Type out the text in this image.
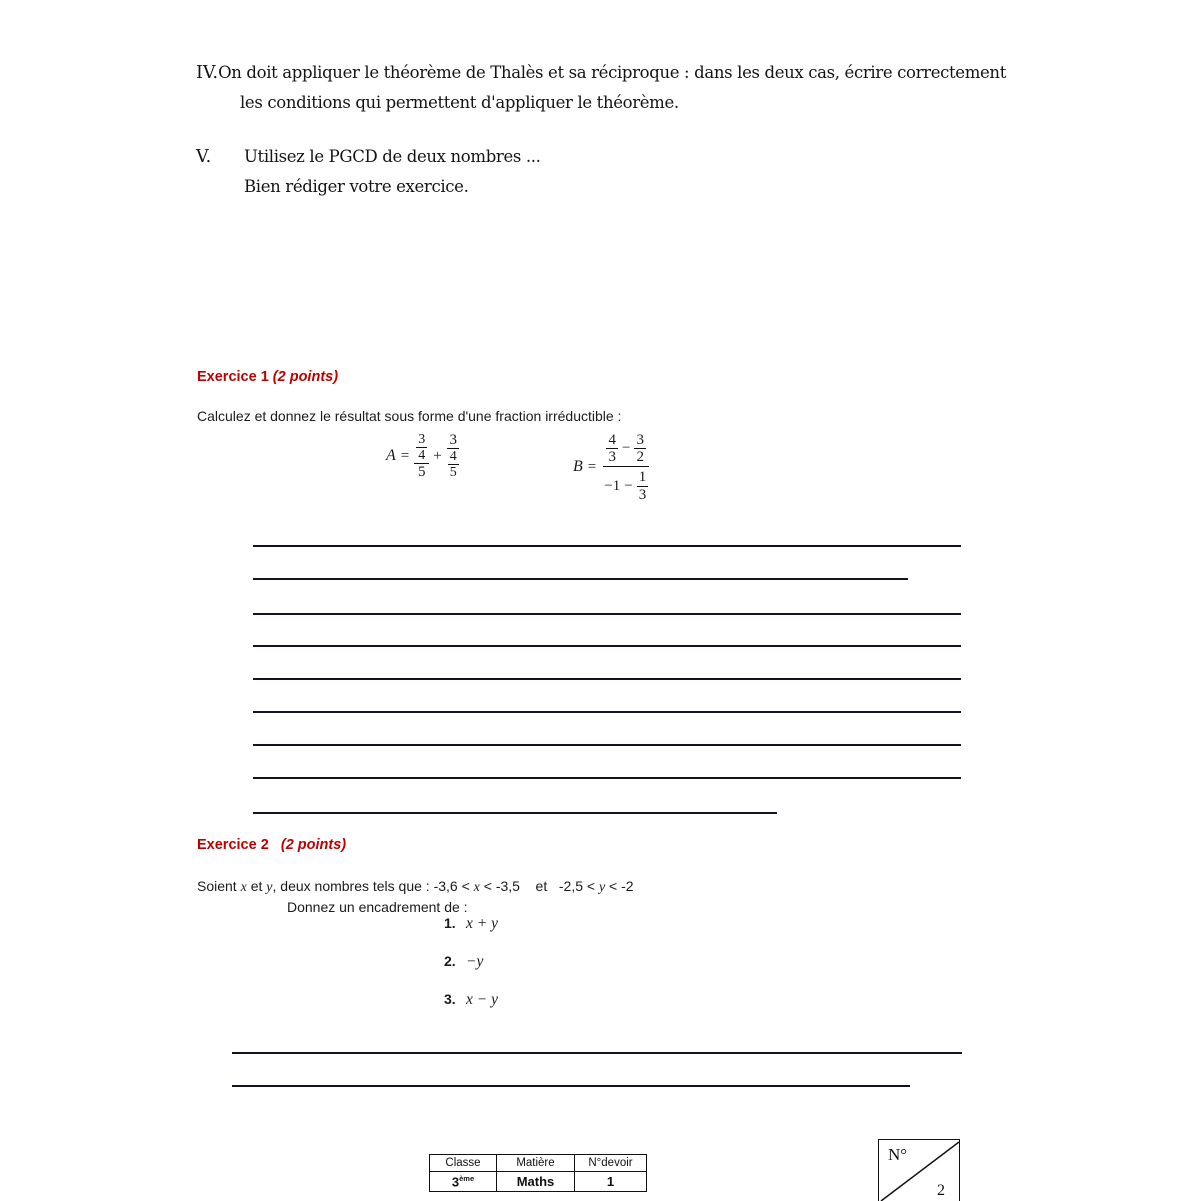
IV. On doit appliquer le théorème de Thalès et sa réciproque : dans les deux cas, écrire correctement
les conditions qui permettent d'appliquer le théorème.
V.	Utilisez le PGCD de deux nombres ...
Bien rédiger votre exercice.
Exercice 1 (2 points)
Calculez et donnez le résultat sous forme d'une fraction irréductible :
$A = \frac{\frac{3}{4}}{5} + \frac{3}{\frac{4}{5}}$	B =
$\frac{4}{3} - \frac{3}{2}$
$-1 - \frac{1}{3}$
Exercice 2 (2 points)
Soient x et y, deux nombres tels que : -3,6 < x < -3,5    et   -2,5 < y < -2
Donnez un encadrement de :
1. x + y
2. −y
3. x − y
Classe	Matière	N°devoir
3ème	Maths	1
N°
2
